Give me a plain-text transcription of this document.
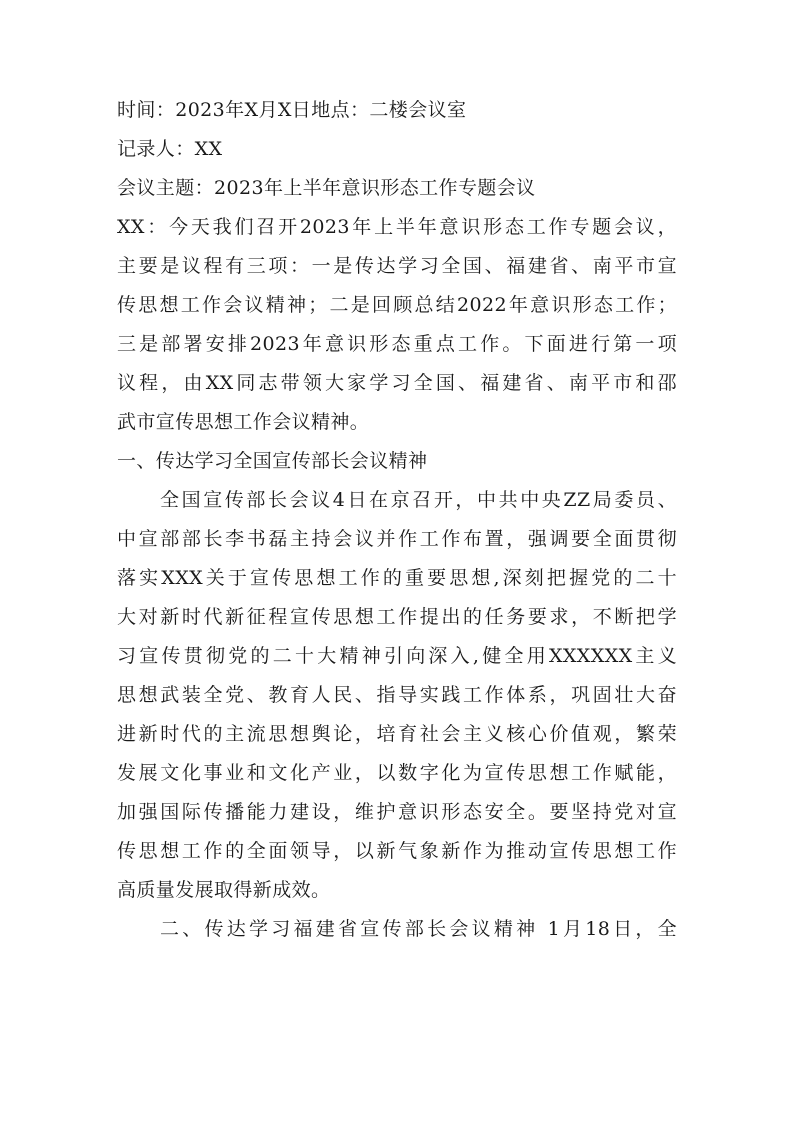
时间：2023年X月X日地点：二楼会议室
记录人：XX
会议主题：2023年上半年意识形态工作专题会议
XX：今天我们召开2023年上半年意识形态工作专题会议，
主要是议程有三项：一是传达学习全国、福建省、南平市宣
传思想工作会议精神；二是回顾总结2022年意识形态工作；
三是部署安排2023年意识形态重点工作。下面进行第一项
议程，由XX同志带领大家学习全国、福建省、南平市和邵
武市宣传思想工作会议精神。
一、传达学习全国宣传部长会议精神
全国宣传部长会议4日在京召开，中共中央ZZ局委员、
中宣部部长李书磊主持会议并作工作布置，强调要全面贯彻
落实XXX关于宣传思想工作的重要思想,深刻把握党的二十
大对新时代新征程宣传思想工作提出的任务要求，不断把学
习宣传贯彻党的二十大精神引向深入,健全用XXXXXX主义
思想武装全党、教育人民、指导实践工作体系，巩固壮大奋
进新时代的主流思想舆论，培育社会主义核心价值观，繁荣
发展文化事业和文化产业，以数字化为宣传思想工作赋能，
加强国际传播能力建设，维护意识形态安全。要坚持党对宣
传思想工作的全面领导，以新气象新作为推动宣传思想工作
高质量发展取得新成效。
二、传达学习福建省宣传部长会议精神 1月18日，全
